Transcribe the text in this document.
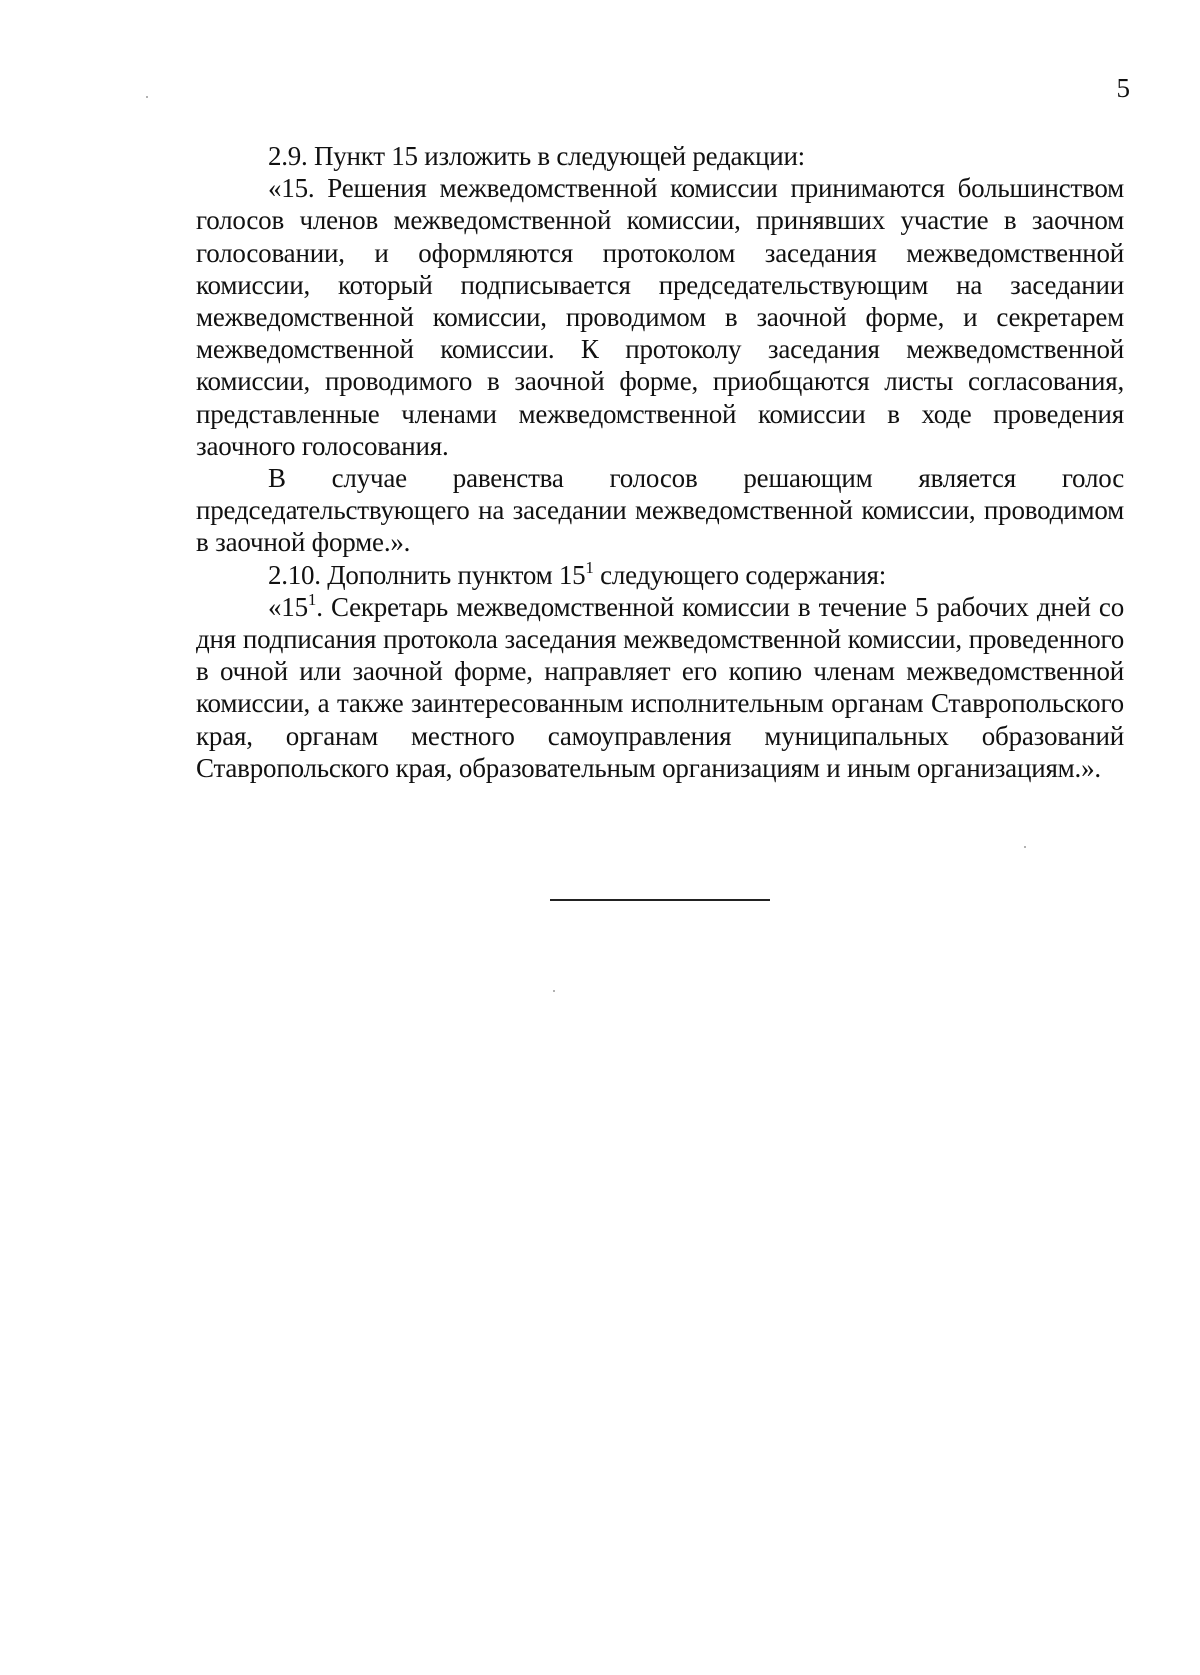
5

2.9. Пункт 15 изложить в следующей редакции:

«15. Решения межведомственной комиссии принимаются большинством голосов членов межведомственной комиссии, принявших участие в заочном голосовании, и оформляются протоколом заседания межведомственной комиссии, который подписывается председательствующим на заседании межведомственной комиссии, проводимом в заочной форме, и секретарем межведомственной комиссии. К протоколу заседания межведомственной комиссии, проводимого в заочной форме, приобщаются листы согласования, представленные членами межведомственной комиссии в ходе проведения заочного голосования.

В случае равенства голосов решающим является голос председательствующего на заседании межведомственной комиссии, проводимом в заочной форме.».

2.10. Дополнить пунктом $15^1$ следующего содержания:

«$15^1$. Секретарь межведомственной комиссии в течение 5 рабочих дней со дня подписания протокола заседания межведомственной комиссии, проведенного в очной или заочной форме, направляет его копию членам межведомственной комиссии, а также заинтересованным исполнительным органам Ставропольского края, органам местного самоуправления муниципальных образований Ставропольского края, образовательным организациям и иным организациям.».
